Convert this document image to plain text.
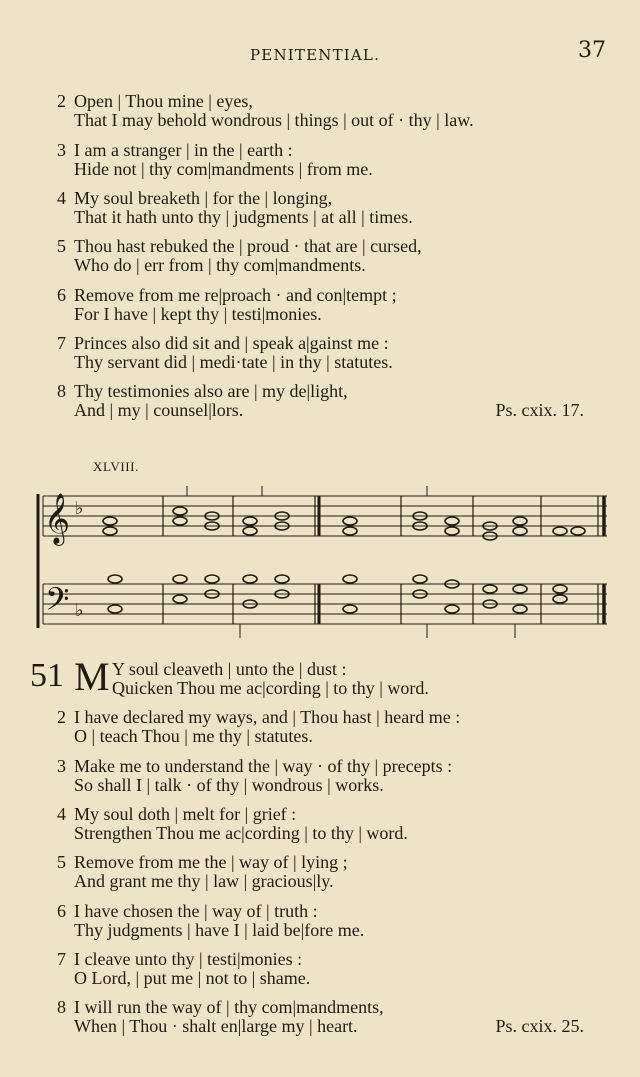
PENITENTIAL.	37
2 Open | Thou mine | eyes,
That I may behold wondrous | things | out of · thy | law.
3 I am a stranger | in the | earth :
Hide not | thy com|mandments | from me.
4 My soul breaketh | for the | longing,
That it hath unto thy | judgments | at all | times.
5 Thou hast rebuked the | proud · that are | cursed,
Who do | err from | thy com|mandments.
6 Remove from me re|proach · and con|tempt ;
For I have | kept thy | testi|monies.
7 Princes also did sit and | speak a|gainst me :
Thy servant did | medi·tate | in thy | statutes.
8 Thy testimonies also are | my de|light,
And | my | counsel|lors.	Ps. cxix. 17.
XLVIII.
𝄞 ♭
𝄢 ♭
51 M Y soul cleaveth | unto the | dust :
Quicken Thou me ac|cording | to thy | word.
2 I have declared my ways, and | Thou hast | heard me :
O | teach Thou | me thy | statutes.
3 Make me to understand the | way · of thy | precepts :
So shall I | talk · of thy | wondrous | works.
4 My soul doth | melt for | grief :
Strengthen Thou me ac|cording | to thy | word.
5 Remove from me the | way of | lying ;
And grant me thy | law | gracious|ly.
6 I have chosen the | way of | truth :
Thy judgments | have I | laid be|fore me.
7 I cleave unto thy | testi|monies :
O Lord, | put me | not to | shame.
8 I will run the way of | thy com|mandments,
When | Thou · shalt en|large my | heart.	Ps. cxix. 25.
